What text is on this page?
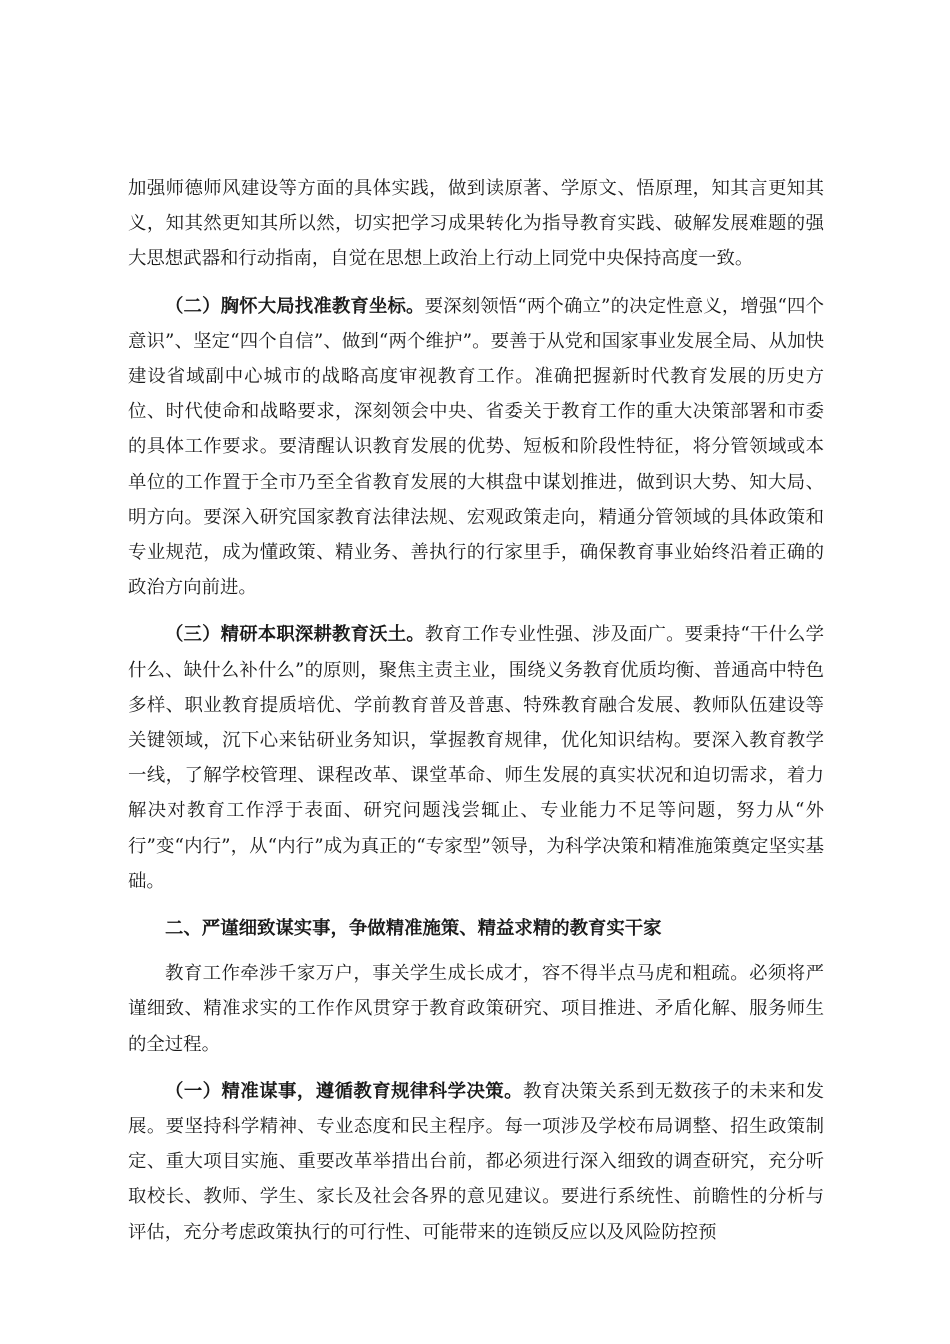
加强师德师风建设等方面的具体实践，做到读原著、学原文、悟原理，知其言更知其义，知其然更知其所以然，切实把学习成果转化为指导教育实践、破解发展难题的强大思想武器和行动指南，自觉在思想上政治上行动上同党中央保持高度一致。

（二）胸怀大局找准教育坐标。要深刻领悟“两个确立”的决定性意义，增强“四个意识”、坚定“四个自信”、做到“两个维护”。要善于从党和国家事业发展全局、从加快建设省域副中心城市的战略高度审视教育工作。准确把握新时代教育发展的历史方位、时代使命和战略要求，深刻领会中央、省委关于教育工作的重大决策部署和市委的具体工作要求。要清醒认识教育发展的优势、短板和阶段性特征，将分管领域或本单位的工作置于全市乃至全省教育发展的大棋盘中谋划推进，做到识大势、知大局、明方向。要深入研究国家教育法律法规、宏观政策走向，精通分管领域的具体政策和专业规范，成为懂政策、精业务、善执行的行家里手，确保教育事业始终沿着正确的政治方向前进。

（三）精研本职深耕教育沃土。教育工作专业性强、涉及面广。要秉持“干什么学什么、缺什么补什么”的原则，聚焦主责主业，围绕义务教育优质均衡、普通高中特色多样、职业教育提质培优、学前教育普及普惠、特殊教育融合发展、教师队伍建设等关键领域，沉下心来钻研业务知识，掌握教育规律，优化知识结构。要深入教育教学一线，了解学校管理、课程改革、课堂革命、师生发展的真实状况和迫切需求，着力解决对教育工作浮于表面、研究问题浅尝辄止、专业能力不足等问题，努力从“外行”变“内行”，从“内行”成为真正的“专家型”领导，为科学决策和精准施策奠定坚实基础。

二、严谨细致谋实事，争做精准施策、精益求精的教育实干家

教育工作牵涉千家万户，事关学生成长成才，容不得半点马虎和粗疏。必须将严谨细致、精准求实的工作作风贯穿于教育政策研究、项目推进、矛盾化解、服务师生的全过程。

（一）精准谋事，遵循教育规律科学决策。教育决策关系到无数孩子的未来和发展。要坚持科学精神、专业态度和民主程序。每一项涉及学校布局调整、招生政策制定、重大项目实施、重要改革举措出台前，都必须进行深入细致的调查研究，充分听取校长、教师、学生、家长及社会各界的意见建议。要进行系统性、前瞻性的分析与评估，充分考虑政策执行的可行性、可能带来的连锁反应以及风险防控预
